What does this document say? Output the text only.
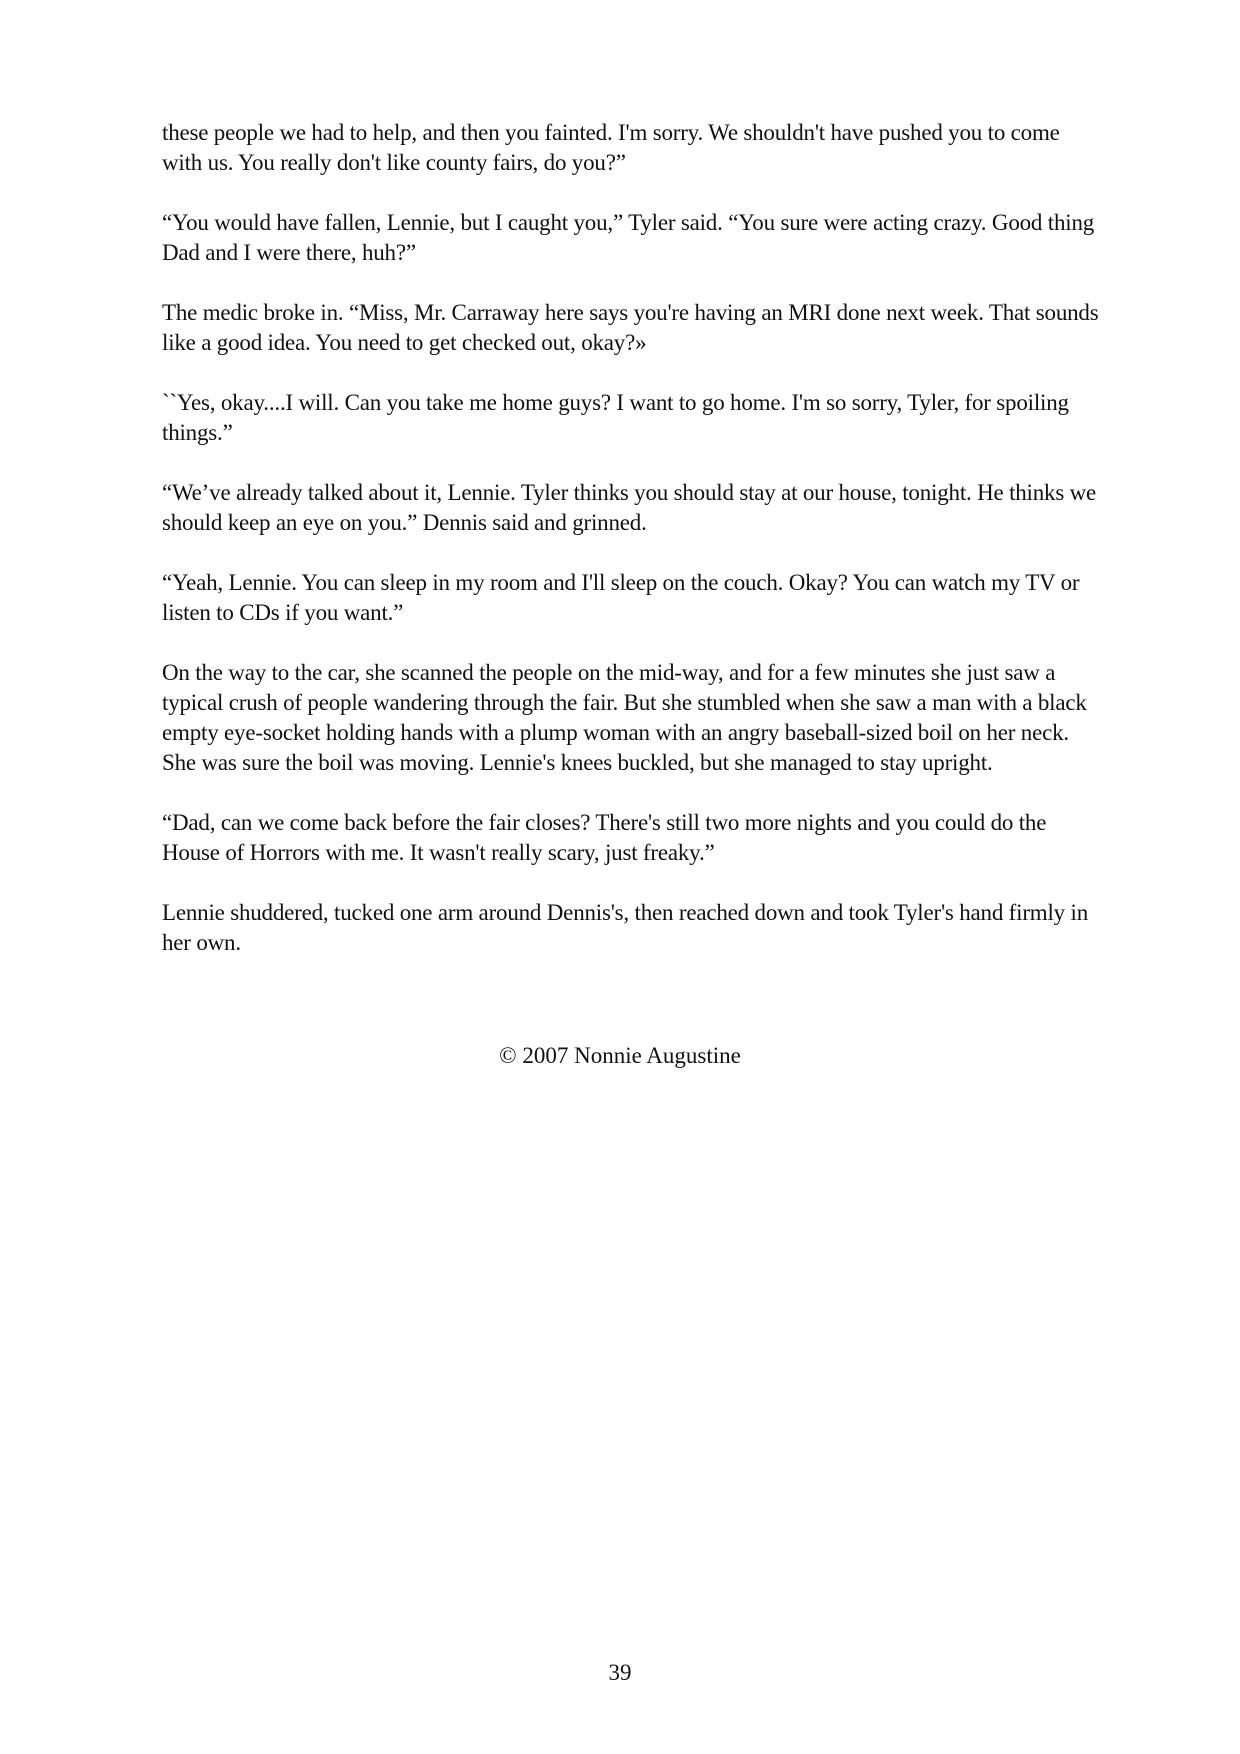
these people we had to help, and then you fainted. I'm sorry. We shouldn't have pushed you to come with us. You really don't like county fairs, do you?”

“You would have fallen, Lennie, but I caught you,” Tyler said. “You sure were acting crazy. Good thing Dad and I were there, huh?”

The medic broke in. “Miss, Mr. Carraway here says you're having an MRI done next week. That sounds like a good idea. You need to get checked out, okay?»

``Yes, okay....I will. Can you take me home guys? I want to go home. I'm so sorry, Tyler, for spoiling things.”

“We’ve already talked about it, Lennie. Tyler thinks you should stay at our house, tonight. He thinks we should keep an eye on you.” Dennis said and grinned.

“Yeah, Lennie. You can sleep in my room and I'll sleep on the couch. Okay? You can watch my TV or listen to CDs if you want.”

On the way to the car, she scanned the people on the mid-way, and for a few minutes she just saw a typical crush of people wandering through the fair. But she stumbled when she saw a man with a black empty eye-socket holding hands with a plump woman with an angry baseball-sized boil on her neck. She was sure the boil was moving. Lennie's knees buckled, but she managed to stay upright.

“Dad, can we come back before the fair closes? There's still two more nights and you could do the House of Horrors with me. It wasn't really scary, just freaky.”

Lennie shuddered, tucked one arm around Dennis's, then reached down and took Tyler's hand firmly in her own.

© 2007 Nonnie Augustine
39
